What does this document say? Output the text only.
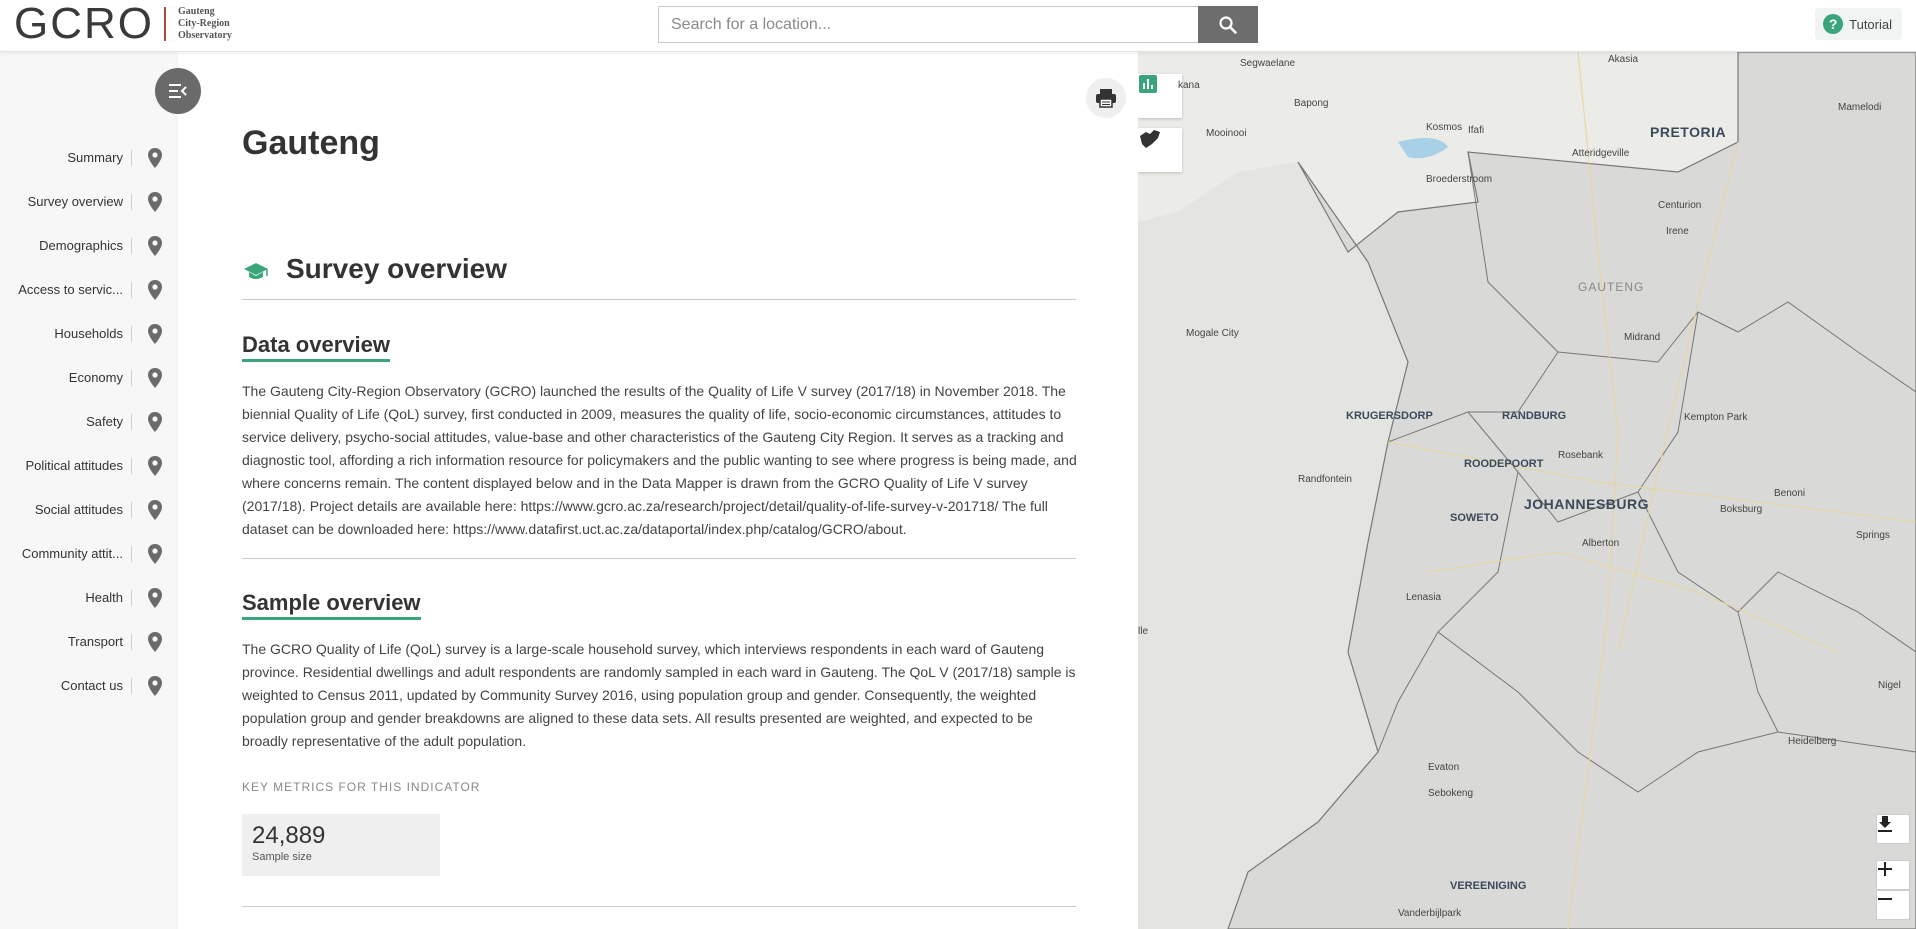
GCRO Gauteng
City-Region
Observatory
Search for a location...
? Tutorial
Summary
Survey overview
Demographics
Access to servic...
Households
Economy
Safety
Political attitudes
Social attitudes
Community attit...
Health
Transport
Contact us
Gauteng
Survey overview
Data overview

The Gauteng City-Region Observatory (GCRO) launched the results of the Quality of Life V survey (2017/18) in November 2018. The biennial Quality of Life (QoL) survey, first conducted in 2009, measures the quality of life, socio-economic circumstances, attitudes to service delivery, psycho-social attitudes, value-base and other characteristics of the Gauteng City Region. It serves as a tracking and diagnostic tool, affording a rich information resource for policymakers and the public wanting to see where progress is being made, and where concerns remain. The content displayed below and in the Data Mapper is drawn from the GCRO Quality of Life V survey (2017/18). Project details are available here: https://www.gcro.ac.za/research/project/detail/quality-of-life-survey-v-201718/ The full dataset can be downloaded here: https://www.datafirst.uct.ac.za/dataportal/index.php/catalog/GCRO/about.

Sample overview

The GCRO Quality of Life (QoL) survey is a large-scale household survey, which interviews respondents in each ward of Gauteng province. Residential dwellings and adult respondents are randomly sampled in each ward in Gauteng. The QoL V (2017/18) sample is weighted to Census 2011, updated by Community Survey 2016, using population group and gender. Consequently, the weighted population group and gender breakdowns are aligned to these data sets. All results presented are weighted, and expected to be broadly representative of the adult population.

KEY METRICS FOR THIS INDICATOR
24,889
Sample size
Segwaelane	Akasia
kana
Bapong	Mamelodi
Kosmos Ifafi
Mooinooi	PRETORIA
Atteridgeville
Broederstroom
Centurion
Irene
GAUTENG
Mogale City	Midrand
KRUGERSDORP	RANDBURG	Kempton Park
ROODEPOORT
Rosebank
Randfontein
Benoni
JOHANNESBURG	Boksburg
SOWETO
Alberton
Springs
Lenasia
lle
Nigel
Heidelberg
Evaton
Sebokeng
VEREENIGING
Vanderbijlpark
